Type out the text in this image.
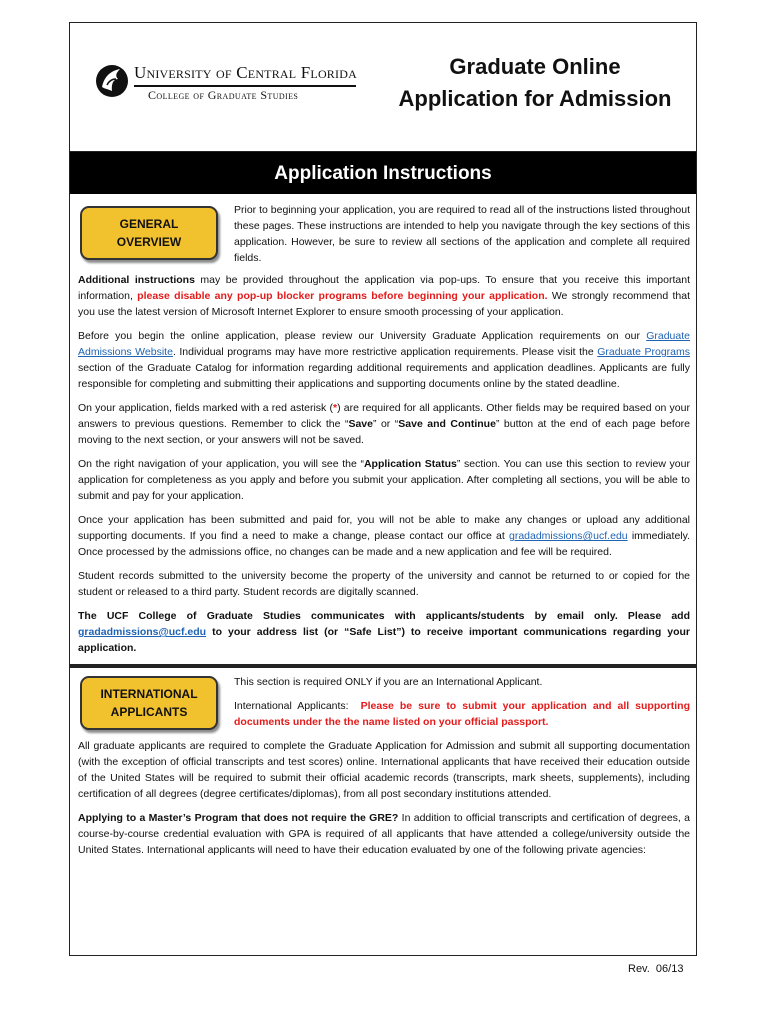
University of Central Florida
College of Graduate Studies
Graduate Online
Application for Admission
Application Instructions
GENERAL
OVERVIEW
Prior to beginning your application, you are required to read all of the instructions listed throughout these pages. These instructions are intended to help you navigate through the key sections of this application. However, be sure to review all sections of the application and complete all required fields.

Additional instructions may be provided throughout the application via pop-ups. To ensure that you receive this important information, please disable any pop-up blocker programs before beginning your application. We strongly recommend that you use the latest version of Microsoft Internet Explorer to ensure smooth processing of your application.

Before you begin the online application, please review our University Graduate Application requirements on our Graduate Admissions Website. Individual programs may have more restrictive application requirements. Please visit the Graduate Programs section of the Graduate Catalog for information regarding additional requirements and application deadlines. Applicants are fully responsible for completing and submitting their applications and supporting documents online by the stated deadline.

On your application, fields marked with a red asterisk (*) are required for all applicants. Other fields may be required based on your answers to previous questions. Remember to click the “Save” or “Save and Continue” button at the end of each page before moving to the next section, or your answers will not be saved.

On the right navigation of your application, you will see the “Application Status” section. You can use this section to review your application for completeness as you apply and before you submit your application. After completing all sections, you will be able to submit and pay for your application.

Once your application has been submitted and paid for, you will not be able to make any changes or upload any additional supporting documents. If you find a need to make a change, please contact our office at gradadmissions@ucf.edu immediately. Once processed by the admissions office, no changes can be made and a new application and fee will be required.

Student records submitted to the university become the property of the university and cannot be returned to or copied for the student or released to a third party. Student records are digitally scanned.

The UCF College of Graduate Studies communicates with applicants/students by email only. Please add gradadmissions@ucf.edu to your address list (or “Safe List”) to receive important communications regarding your application.

INTERNATIONAL
APPLICANTS
This section is required ONLY if you are an International Applicant.
International Applicants:  Please be sure to submit your application and all supporting documents under the the name listed on your official passport.

All graduate applicants are required to complete the Graduate Application for Admission and submit all supporting documentation (with the exception of official transcripts and test scores) online. International applicants that have received their education outside of the United States will be required to submit their official academic records (transcripts, mark sheets, supplements), including certification of all degrees (degree certificates/diplomas), from all post secondary institutions attended.

Applying to a Master’s Program that does not require the GRE? In addition to official transcripts and certification of degrees, a course-by-course credential evaluation with GPA is required of all applicants that have attended a college/university outside the United States. International applicants will need to have their education evaluated by one of the following private agencies:

Rev.  06/13
